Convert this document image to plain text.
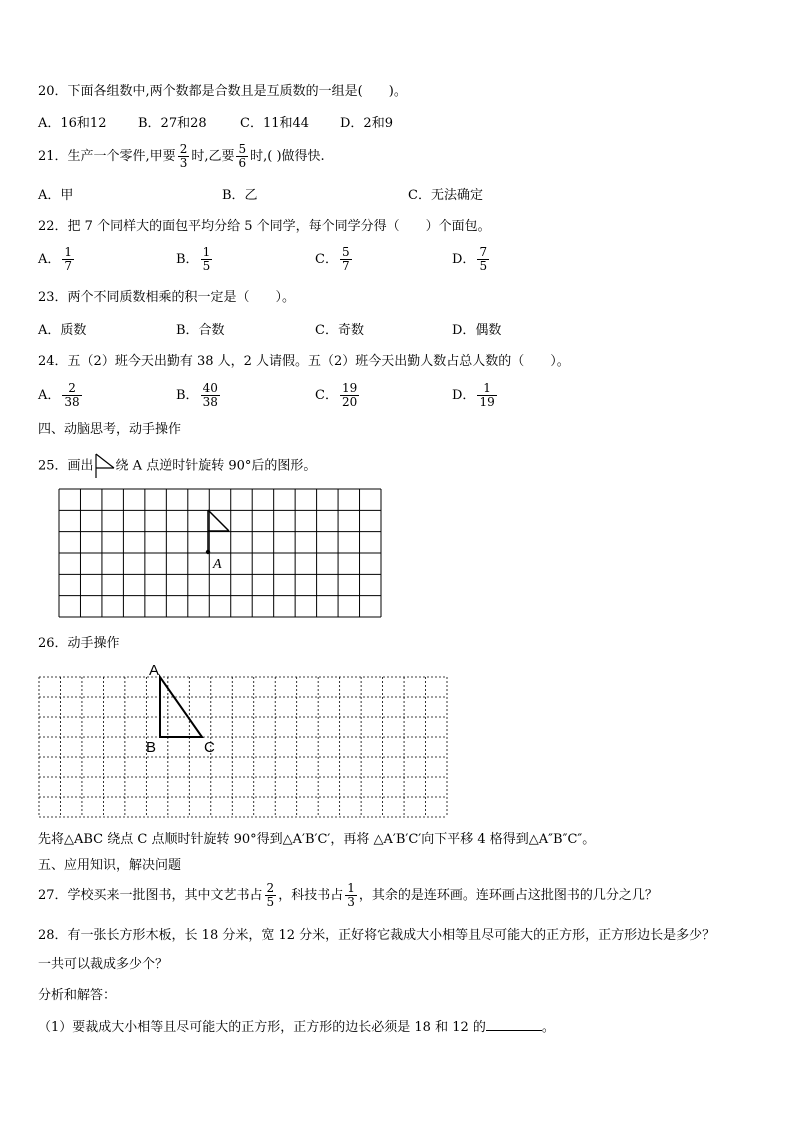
20．下面各组数中,两个数都是合数且是互质数的一组是(　　)。
A．16和12 B．27和28	C．11和44 D．2和9
21．生产一个零件,甲要 $\frac{2}{3}$ 时,乙要 $\frac{5}{6}$ 时,( )做得快.
A．甲	B．乙	C．无法确定
22．把 7 个同样大的面包平均分给 5 个同学，每个同学分得（　　）个面包。
A． $\frac{1}{7}$	B． $\frac{1}{5}$	C． $\frac{5}{7}$	D． $\frac{7}{5}$
23．两个不同质数相乘的积一定是（　　）。
A．质数	B．合数	C．奇数	D．偶数
24．五（2）班今天出勤有 38 人，2 人请假。五（2）班今天出勤人数占总人数的（　　）。
A． $\frac{2}{38}$	B． $\frac{40}{38}$	C． $\frac{19}{20}$	D． $\frac{1}{19}$
四、动脑思考，动手操作
25．画出 绕 A 点逆时针旋转 90°后的图形。
A
26．动手操作
A
B	C
先将△ABC 绕点 C 点顺时针旋转 90°得到△A′B′C′，再将 △A′B′C′向下平移 4 格得到△A″B″C″。
五、应用知识，解决问题
27．学校买来一批图书，其中文艺书占 $\frac{2}{5}$ ，科技书占 $\frac{1}{3}$ ，其余的是连环画。连环画占这批图书的几分之几？
28．有一张长方形木板，长 18 分米，宽 12 分米，正好将它裁成大小相等且尽可能大的正方形，正方形边长是多少？
一共可以裁成多少个？
分析和解答：
（1）要裁成大小相等且尽可能大的正方形，正方形的边长必须是 18 和 12 的	。
